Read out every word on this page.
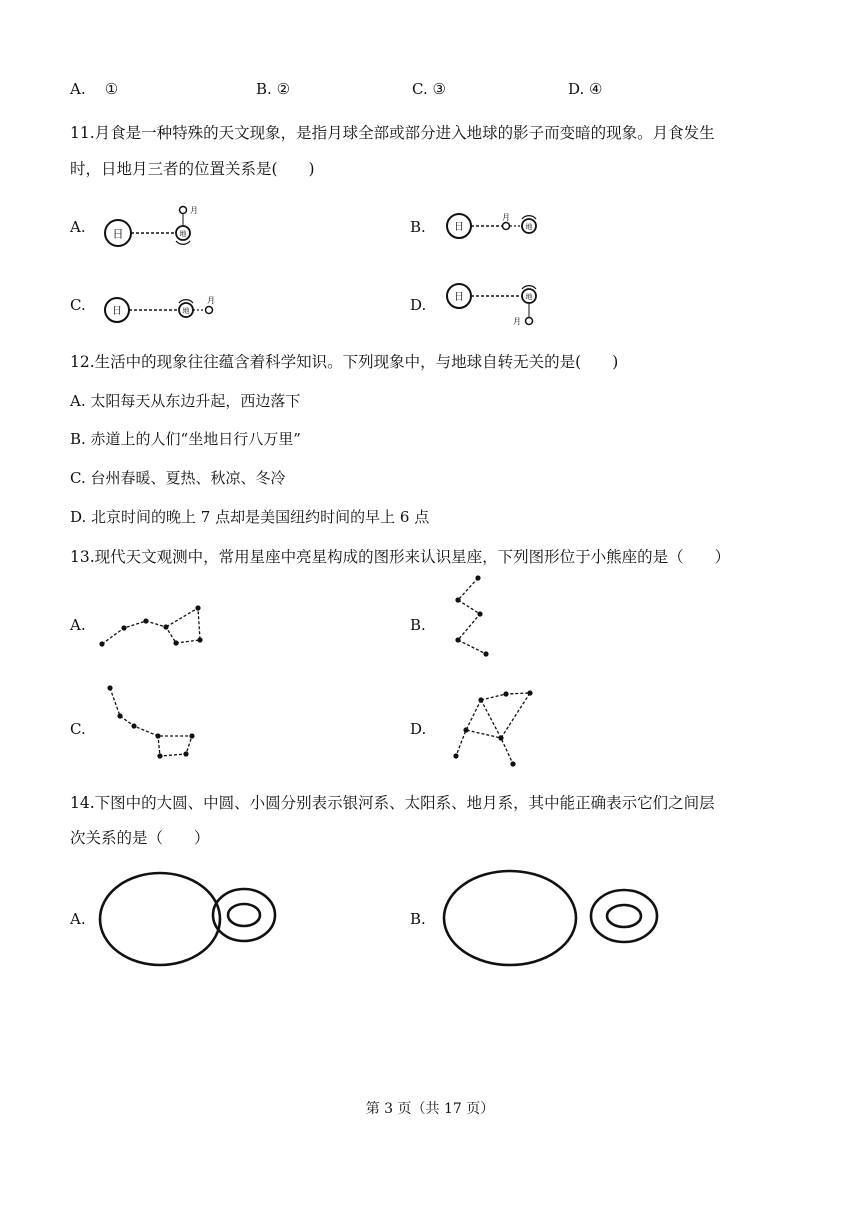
A. ①	B. ②	C. ③	D. ④
11.月食是一种特殊的天文现象，是指月球全部或部分进入地球的影子而变暗的现象。月食发生
时，日地月三者的位置关系是(　　)
A. 日	地
月
B.	日
月
地
C.	日	地
月	D.	日	地
月
12.生活中的现象往往蕴含着科学知识。下列现象中，与地球自转无关的是(　　)
A. 太阳每天从东边升起，西边落下
B. 赤道上的人们“坐地日行八万里”
C. 台州春暖、夏热、秋凉、冬冷
D. 北京时间的晚上 7 点却是美国纽约时间的早上 6 点
13.现代天文观测中，常用星座中亮星构成的图形来认识星座，下列图形位于小熊座的是（　　）
A.	B.
C.	D.
14.下图中的大圆、中圆、小圆分别表示银河系、太阳系、地月系，其中能正确表示它们之间层
次关系的是（　　）
A.	B.
第 3 页（共 17 页）
